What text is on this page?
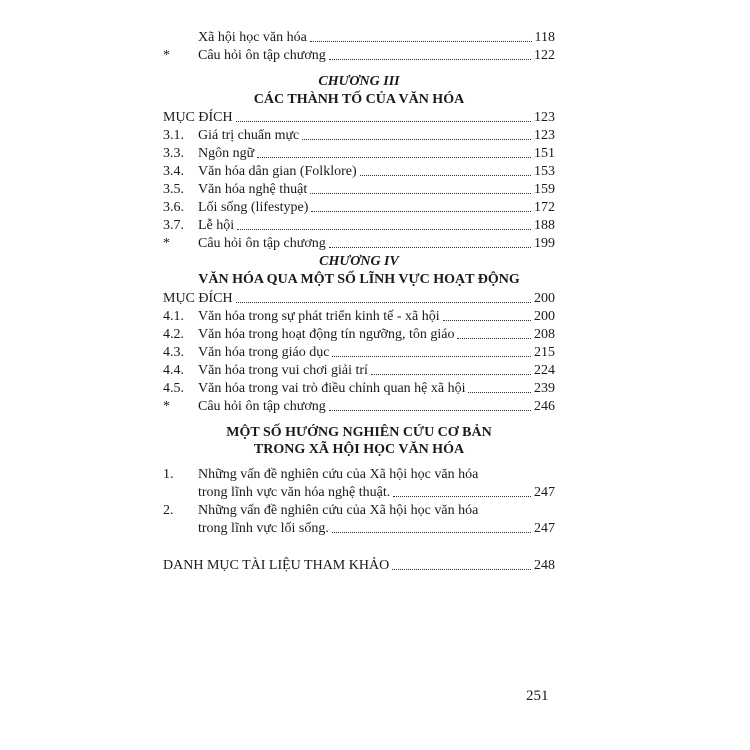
Xã hội học văn hóa	118
*	Câu hỏi ôn tập chương	122
CHƯƠNG III
CÁC THÀNH TỐ CỦA VĂN HÓA
MỤC ĐÍCH	123
3.1.	Giá trị chuẩn mực	123
3.3.	Ngôn ngữ	151
3.4.	Văn hóa dân gian (Folklore)	153
3.5.	Văn hóa nghệ thuật	159
3.6.	Lối sống (lifestype)	172
3.7.	Lễ hội	188
*	Câu hỏi ôn tập chương	199
CHƯƠNG IV
VĂN HÓA QUA MỘT SỐ LĨNH VỰC HOẠT ĐỘNG
MỤC ĐÍCH	200
4.1.	Văn hóa trong sự phát triển kinh tế - xã hội	200
4.2.	Văn hóa trong hoạt động tín ngưỡng, tôn giáo	208
4.3.	Văn hóa trong giáo dục	215
4.4.	Văn hóa trong vui chơi giải trí	224
4.5.	Văn hóa trong vai trò điều chỉnh quan hệ xã hội	239
*	Câu hỏi ôn tập chương	246
MỘT SỐ HƯỚNG NGHIÊN CỨU CƠ BẢN
TRONG XÃ HỘI HỌC VĂN HÓA
1.	Những vấn đề nghiên cứu của Xã hội học văn hóa
trong lĩnh vực văn hóa nghệ thuật.	247
2.	Những vấn đề nghiên cứu của Xã hội học văn hóa
trong lĩnh vực lối sống.	247
DANH MỤC TÀI LIỆU THAM KHẢO	248
251
